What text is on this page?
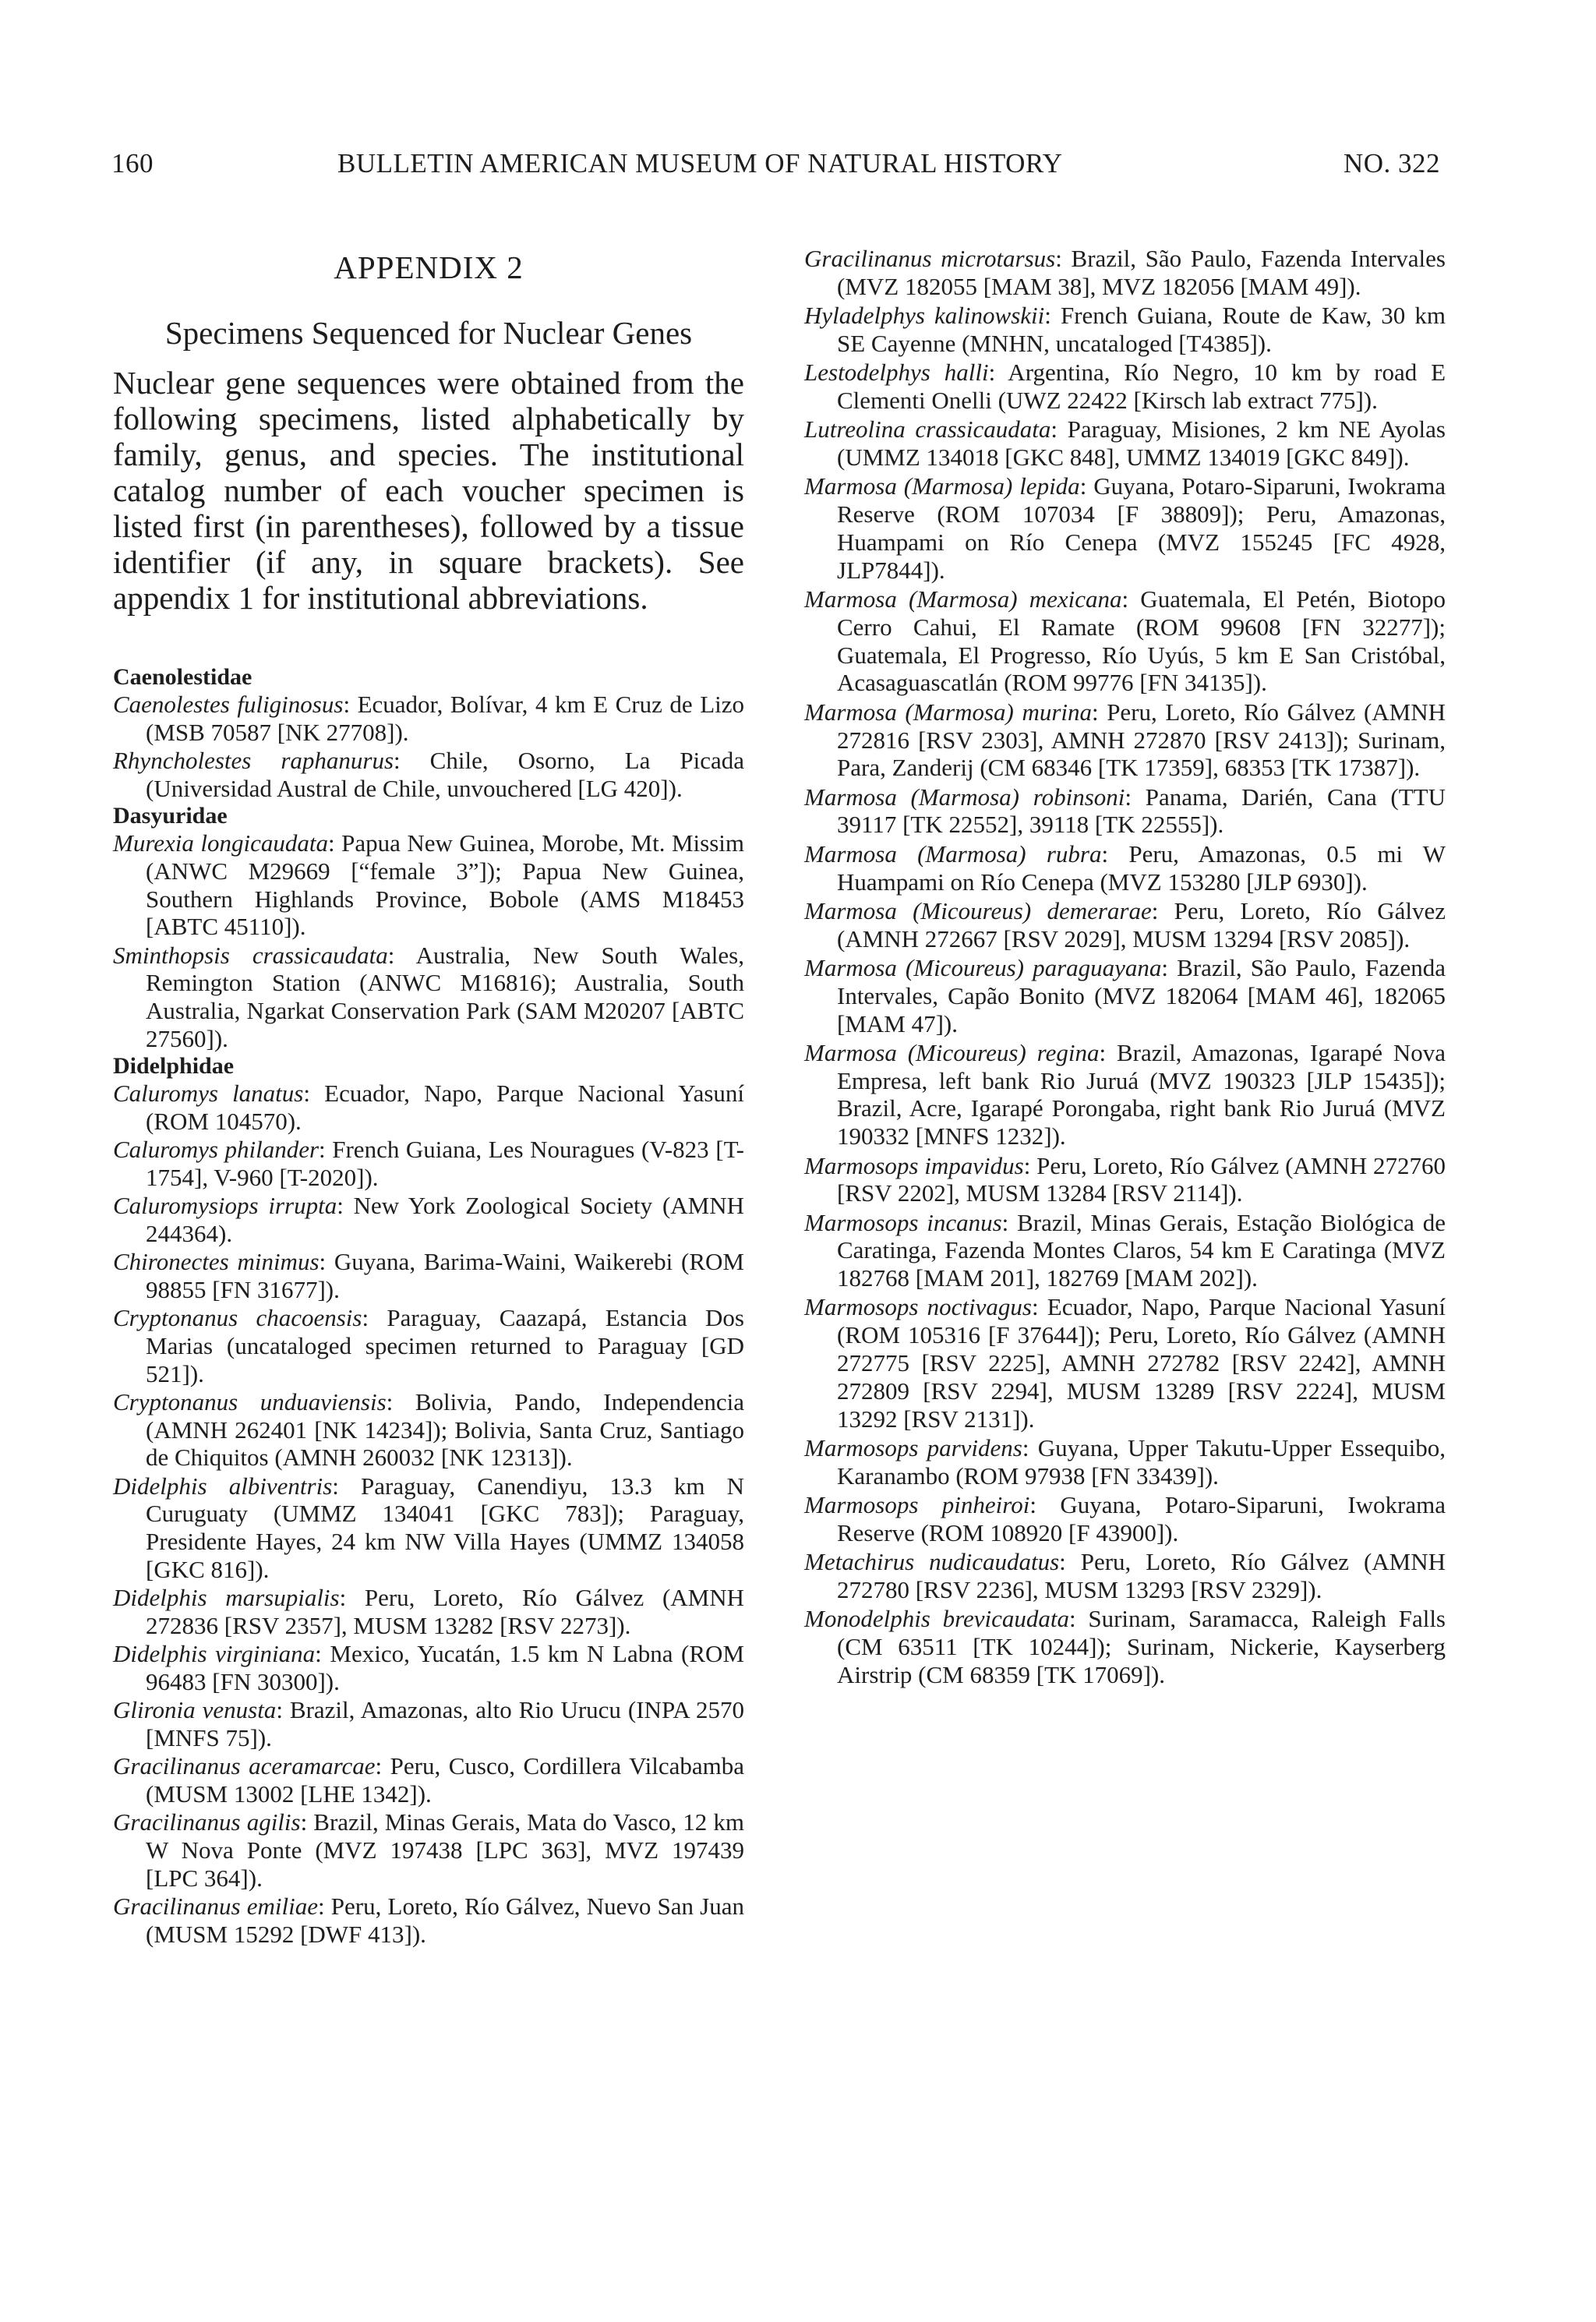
160	BULLETIN AMERICAN MUSEUM OF NATURAL HISTORY	NO. 322
APPENDIX 2
Specimens Sequenced for Nuclear Genes

Nuclear gene sequences were obtained from the following specimens, listed alphabetically by family, genus, and species. The institutional catalog number of each voucher specimen is listed first (in parentheses), followed by a tissue identifier (if any, in square brackets). See appendix 1 for institutional abbreviations.

Caenolestidae

Caenolestes fuliginosus: Ecuador, Bolívar, 4 km E Cruz de Lizo (MSB 70587 [NK 27708]).

Rhyncholestes raphanurus: Chile, Osorno, La Picada (Universidad Austral de Chile, unvouchered [LG 420]).

Dasyuridae

Murexia longicaudata: Papua New Guinea, Morobe, Mt. Missim (ANWC M29669 [“female 3”]); Papua New Guinea, Southern Highlands Province, Bobole (AMS M18453 [ABTC 45110]).

Sminthopsis crassicaudata: Australia, New South Wales, Remington Station (ANWC M16816); Australia, South Australia, Ngarkat Conservation Park (SAM M20207 [ABTC 27560]).

Didelphidae

Caluromys lanatus: Ecuador, Napo, Parque Nacional Yasuní (ROM 104570).

Caluromys philander: French Guiana, Les Nouragues (V-823 [T-1754], V-960 [T-2020]).

Caluromysiops irrupta: New York Zoological Society (AMNH 244364).

Chironectes minimus: Guyana, Barima-Waini, Waikerebi (ROM 98855 [FN 31677]).

Cryptonanus chacoensis: Paraguay, Caazapá, Estancia Dos Marias (uncataloged specimen returned to Paraguay [GD 521]).

Cryptonanus unduaviensis: Bolivia, Pando, Independencia (AMNH 262401 [NK 14234]); Bolivia, Santa Cruz, Santiago de Chiquitos (AMNH 260032 [NK 12313]).

Didelphis albiventris: Paraguay, Canendiyu, 13.3 km N Curuguaty (UMMZ 134041 [GKC 783]); Paraguay, Presidente Hayes, 24 km NW Villa Hayes (UMMZ 134058 [GKC 816]).

Didelphis marsupialis: Peru, Loreto, Río Gálvez (AMNH 272836 [RSV 2357], MUSM 13282 [RSV 2273]).

Didelphis virginiana: Mexico, Yucatán, 1.5 km N Labna (ROM 96483 [FN 30300]).

Glironia venusta: Brazil, Amazonas, alto Rio Urucu (INPA 2570 [MNFS 75]).

Gracilinanus aceramarcae: Peru, Cusco, Cordillera Vilcabamba (MUSM 13002 [LHE 1342]).

Gracilinanus agilis: Brazil, Minas Gerais, Mata do Vasco, 12 km W Nova Ponte (MVZ 197438 [LPC 363], MVZ 197439 [LPC 364]).

Gracilinanus emiliae: Peru, Loreto, Río Gálvez, Nuevo San Juan (MUSM 15292 [DWF 413]).

Gracilinanus microtarsus: Brazil, São Paulo, Fazenda Intervales (MVZ 182055 [MAM 38], MVZ 182056 [MAM 49]).

Hyladelphys kalinowskii: French Guiana, Route de Kaw, 30 km SE Cayenne (MNHN, uncataloged [T4385]).

Lestodelphys halli: Argentina, Río Negro, 10 km by road E Clementi Onelli (UWZ 22422 [Kirsch lab extract 775]).

Lutreolina crassicaudata: Paraguay, Misiones, 2 km NE Ayolas (UMMZ 134018 [GKC 848], UMMZ 134019 [GKC 849]).

Marmosa (Marmosa) lepida: Guyana, Potaro-Siparuni, Iwokrama Reserve (ROM 107034 [F 38809]); Peru, Amazonas, Huampami on Río Cenepa (MVZ 155245 [FC 4928, JLP7844]).

Marmosa (Marmosa) mexicana: Guatemala, El Petén, Biotopo Cerro Cahui, El Ramate (ROM 99608 [FN 32277]); Guatemala, El Progresso, Río Uyús, 5 km E San Cristóbal, Acasaguascatlán (ROM 99776 [FN 34135]).

Marmosa (Marmosa) murina: Peru, Loreto, Río Gálvez (AMNH 272816 [RSV 2303], AMNH 272870 [RSV 2413]); Surinam, Para, Zanderij (CM 68346 [TK 17359], 68353 [TK 17387]).

Marmosa (Marmosa) robinsoni: Panama, Darién, Cana (TTU 39117 [TK 22552], 39118 [TK 22555]).

Marmosa (Marmosa) rubra: Peru, Amazonas, 0.5 mi W Huampami on Río Cenepa (MVZ 153280 [JLP 6930]).

Marmosa (Micoureus) demerarae: Peru, Loreto, Río Gálvez (AMNH 272667 [RSV 2029], MUSM 13294 [RSV 2085]).

Marmosa (Micoureus) paraguayana: Brazil, São Paulo, Fazenda Intervales, Capão Bonito (MVZ 182064 [MAM 46], 182065 [MAM 47]).

Marmosa (Micoureus) regina: Brazil, Amazonas, Igarapé Nova Empresa, left bank Rio Juruá (MVZ 190323 [JLP 15435]); Brazil, Acre, Igarapé Porongaba, right bank Rio Juruá (MVZ 190332 [MNFS 1232]).

Marmosops impavidus: Peru, Loreto, Río Gálvez (AMNH 272760 [RSV 2202], MUSM 13284 [RSV 2114]).

Marmosops incanus: Brazil, Minas Gerais, Estação Biológica de Caratinga, Fazenda Montes Claros, 54 km E Caratinga (MVZ 182768 [MAM 201], 182769 [MAM 202]).

Marmosops noctivagus: Ecuador, Napo, Parque Nacional Yasuní (ROM 105316 [F 37644]); Peru, Loreto, Río Gálvez (AMNH 272775 [RSV 2225], AMNH 272782 [RSV 2242], AMNH 272809 [RSV 2294], MUSM 13289 [RSV 2224], MUSM 13292 [RSV 2131]).

Marmosops parvidens: Guyana, Upper Takutu-Upper Essequibo, Karanambo (ROM 97938 [FN 33439]).

Marmosops pinheiroi: Guyana, Potaro-Siparuni, Iwokrama Reserve (ROM 108920 [F 43900]).

Metachirus nudicaudatus: Peru, Loreto, Río Gálvez (AMNH 272780 [RSV 2236], MUSM 13293 [RSV 2329]).

Monodelphis brevicaudata: Surinam, Saramacca, Raleigh Falls (CM 63511 [TK 10244]); Surinam, Nickerie, Kayserberg Airstrip (CM 68359 [TK 17069]).
